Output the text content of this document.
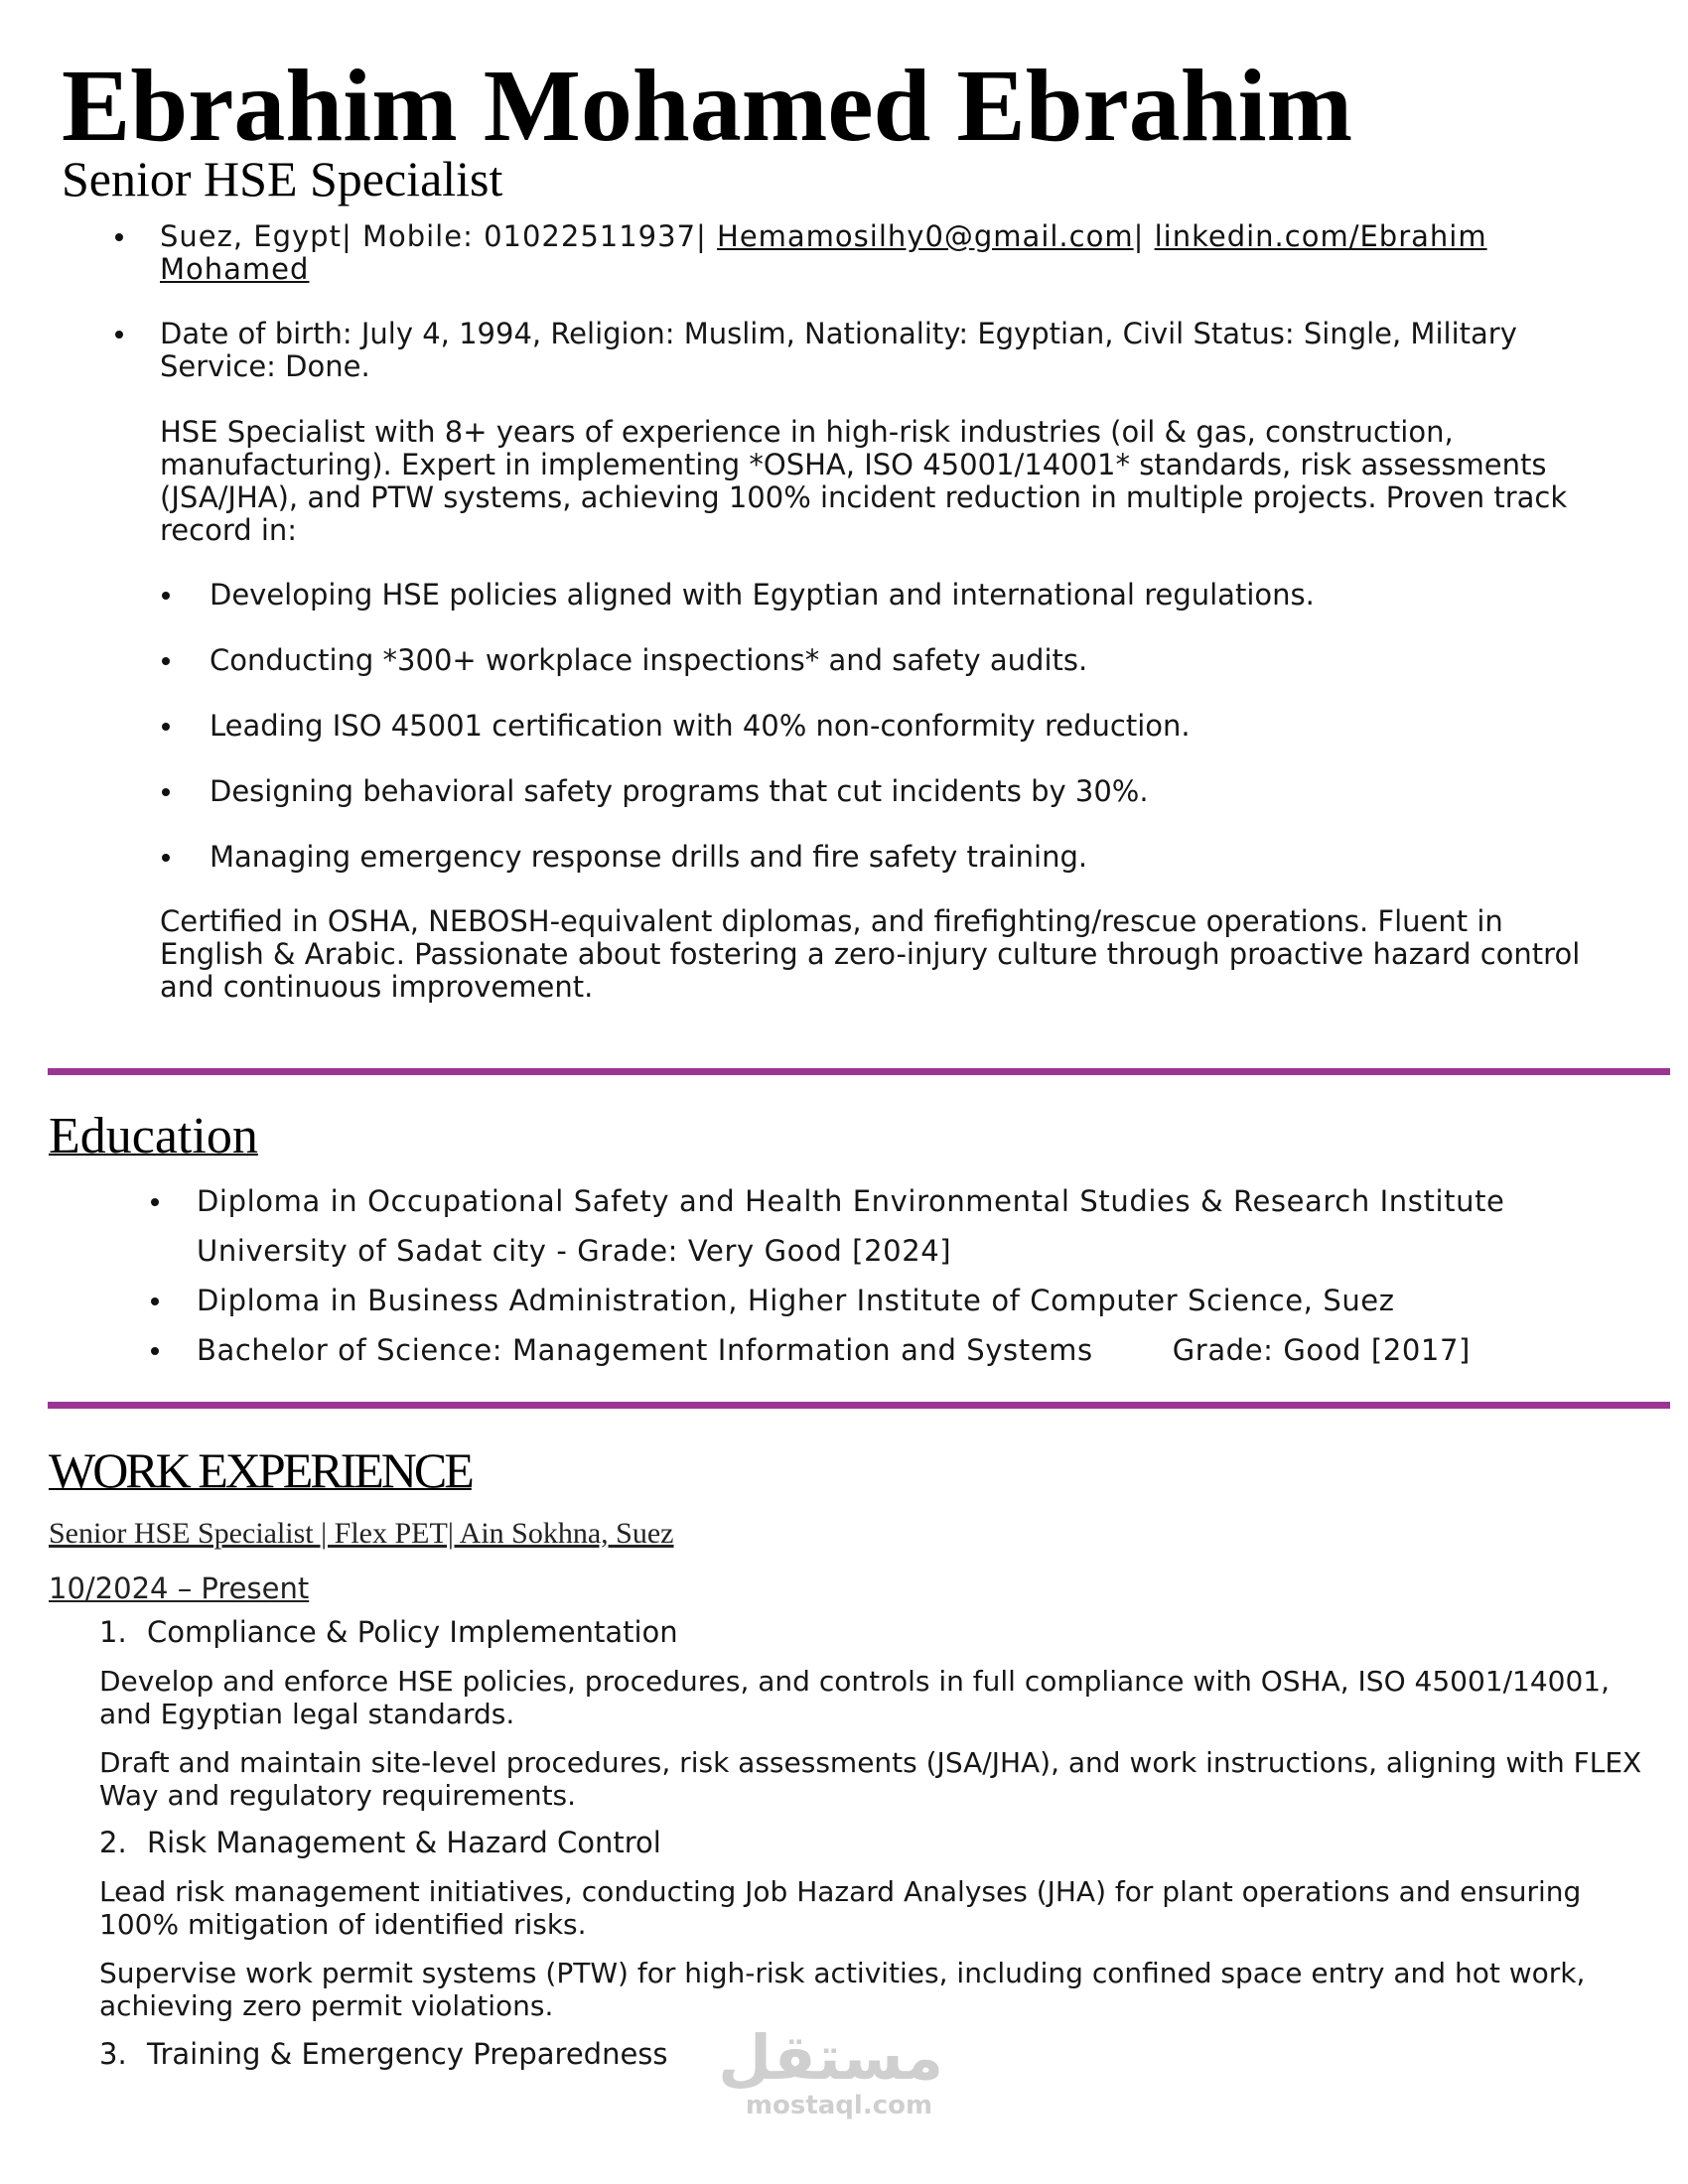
Ebrahim Mohamed Ebrahim
Senior HSE Specialist
Suez, Egypt| Mobile: 01022511937| Hemamosilhy0@gmail.com| linkedin.com/Ebrahim Mohamed
Date of birth: July 4, 1994, Religion: Muslim, Nationality: Egyptian, Civil Status: Single, Military Service: Done.
HSE Specialist with 8+ years of experience in high-risk industries (oil & gas, construction, manufacturing). Expert in implementing *OSHA, ISO 45001/14001* standards, risk assessments (JSA/JHA), and PTW systems, achieving 100% incident reduction in multiple projects. Proven track record in:
Developing HSE policies aligned with Egyptian and international regulations.
Conducting *300+ workplace inspections* and safety audits.
Leading ISO 45001 certification with 40% non-conformity reduction.
Designing behavioral safety programs that cut incidents by 30%.
Managing emergency response drills and fire safety training.
Certified in OSHA, NEBOSH-equivalent diplomas, and firefighting/rescue operations. Fluent in English & Arabic. Passionate about fostering a zero-injury culture through proactive hazard control and continuous improvement.
Education
Diploma in Occupational Safety and Health Environmental Studies & Research Institute
University of Sadat city - Grade: Very Good [2024]
Diploma in Business Administration, Higher Institute of Computer Science, Suez
Bachelor of Science: Management Information and Systems	Grade: Good [2017]
WORK EXPERIENCE
Senior HSE Specialist | Flex PET| Ain Sokhna, Suez
10/2024 – Present
1. Compliance & Policy Implementation
Develop and enforce HSE policies, procedures, and controls in full compliance with OSHA, ISO 45001/14001, and Egyptian legal standards.
Draft and maintain site-level procedures, risk assessments (JSA/JHA), and work instructions, aligning with FLEX Way and regulatory requirements.
2. Risk Management & Hazard Control
Lead risk management initiatives, conducting Job Hazard Analyses (JHA) for plant operations and ensuring 100% mitigation of identified risks.
Supervise work permit systems (PTW) for high-risk activities, including confined space entry and hot work, achieving zero permit violations.
3. Training & Emergency Preparedness مستقل
mostaql.com
